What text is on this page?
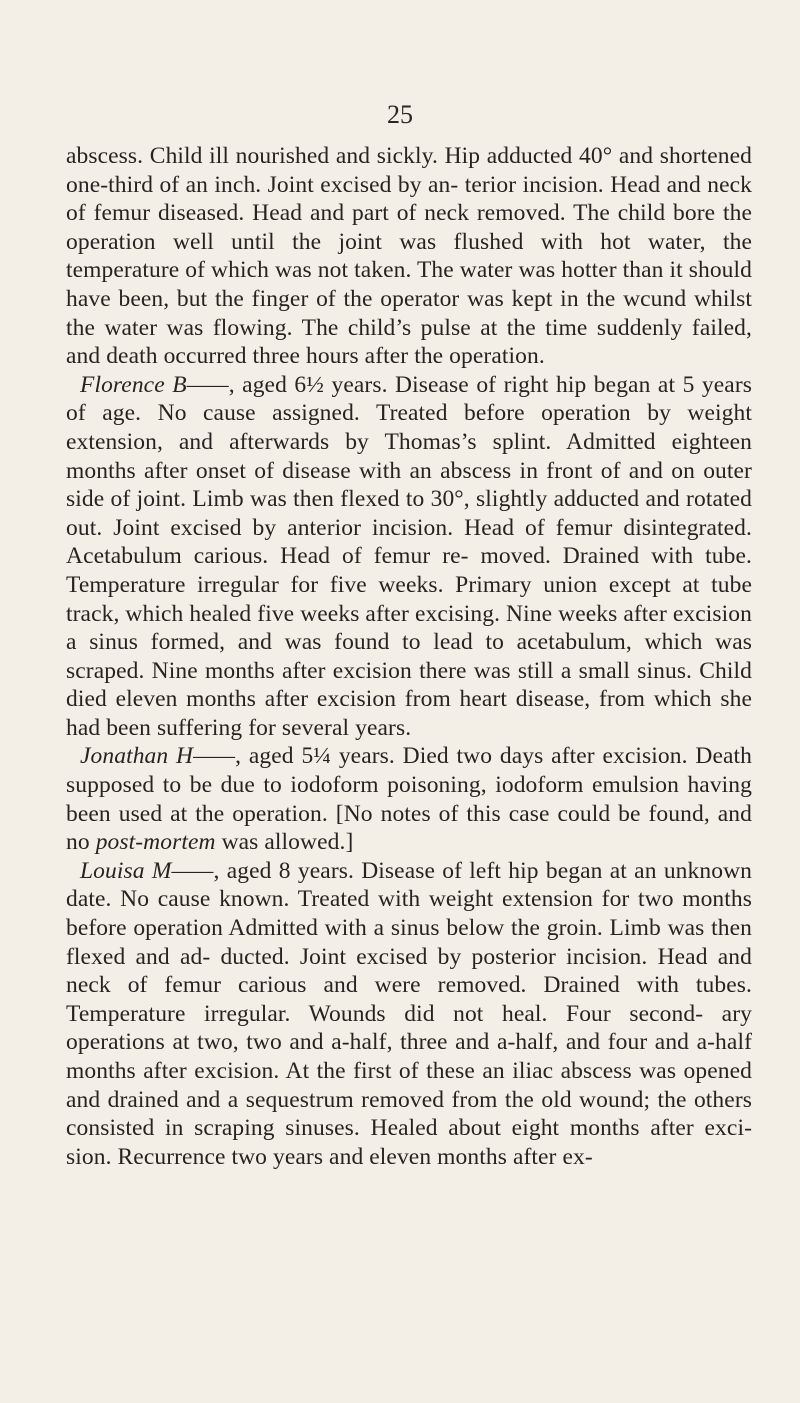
25

abscess. Child ill nourished and sickly. Hip adducted 40° and shortened one-third of an inch. Joint excised by an- terior incision. Head and neck of femur diseased. Head and part of neck removed. The child bore the operation well until the joint was flushed with hot water, the temperature of which was not taken. The water was hotter than it should have been, but the finger of the operator was kept in the wcund whilst the water was flowing. The child’s pulse at the time suddenly failed, and death occurred three hours after the operation.

Florence B——, aged 6½ years. Disease of right hip began at 5 years of age. No cause assigned. Treated before operation by weight extension, and afterwards by Thomas’s splint. Admitted eighteen months after onset of disease with an abscess in front of and on outer side of joint. Limb was then flexed to 30°, slightly adducted and rotated out. Joint excised by anterior incision. Head of femur disintegrated. Acetabulum carious. Head of femur re- moved. Drained with tube. Temperature irregular for five weeks. Primary union except at tube track, which healed five weeks after excising. Nine weeks after excision a sinus formed, and was found to lead to acetabulum, which was scraped. Nine months after excision there was still a small sinus. Child died eleven months after excision from heart disease, from which she had been suffering for several years.

Jonathan H——, aged 5¼ years. Died two days after excision. Death supposed to be due to iodoform poisoning, iodoform emulsion having been used at the operation. [No notes of this case could be found, and no post-mortem was allowed.]

Louisa M——, aged 8 years. Disease of left hip began at an unknown date. No cause known. Treated with weight extension for two months before operation Admitted with a sinus below the groin. Limb was then flexed and ad- ducted. Joint excised by posterior incision. Head and neck of femur carious and were removed. Drained with tubes. Temperature irregular. Wounds did not heal. Four second- ary operations at two, two and a-half, three and a-half, and four and a-half months after excision. At the first of these an iliac abscess was opened and drained and a sequestrum removed from the old wound; the others consisted in scraping sinuses. Healed about eight months after exci- sion. Recurrence two years and eleven months after ex-
